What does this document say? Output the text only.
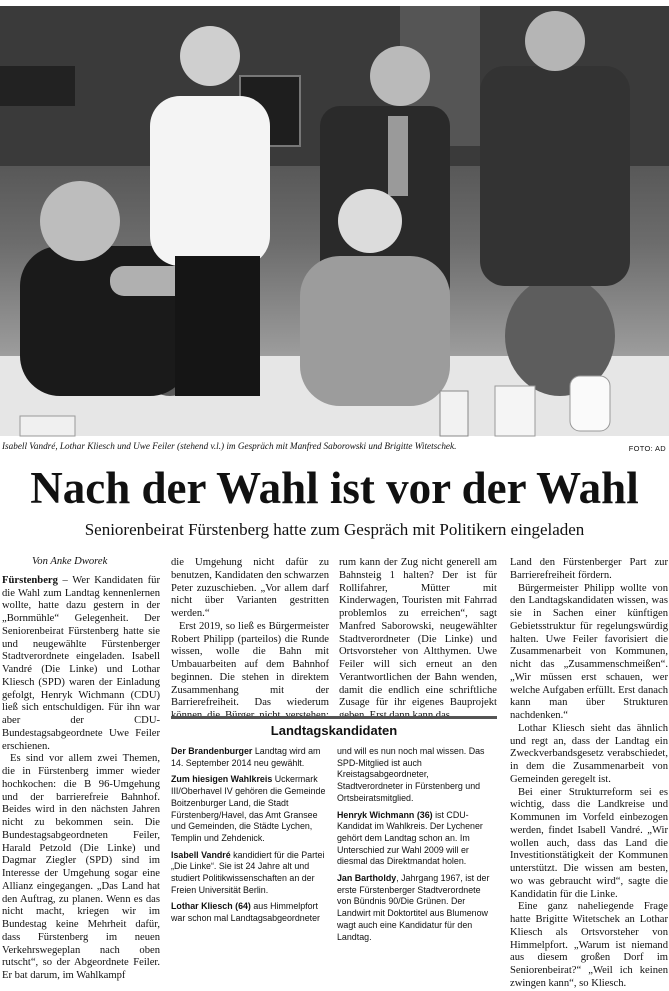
Isabell Vandré, Lothar Kliesch und Uwe Feiler (stehend v.l.) im Gespräch mit Manfred Saborowski und Brigitte Witetschek.	FOTO: AD
Nach der Wahl ist vor der Wahl
Seniorenbeirat Fürstenberg hatte zum Gespräch mit Politikern eingeladen

Von Anke Dworek

Fürstenberg – Wer Kandidaten für die Wahl zum Landtag kennenlernen wollte, hatte dazu gestern in der „Bornmühle“ Gelegenheit. Der Seniorenbeirat Fürstenberg hatte sie und neugewählte Fürstenberger Stadtverordnete eingeladen. Isabell Vandré (Die Linke) und Lothar Kliesch (SPD) waren der Einladung gefolgt, Henryk Wichmann (CDU) ließ sich entschuldigen. Für ihn war aber der CDU-Bundestagsabgeordnete Uwe Feiler erschienen.

Es sind vor allem zwei Themen, die in Fürstenberg immer wieder hochkochen: die B 96-Umgehung und der barrierefreie Bahnhof. Beides wird in den nächsten Jahren nicht zu bekommen sein. Die Bundestagsabgeordneten Feiler, Harald Petzold (Die Linke) und Dagmar Ziegler (SPD) sind im Interesse der Umgehung sogar eine Allianz eingegangen. „Das Land hat den Auftrag, zu planen. Wenn es das nicht macht, kriegen wir im Bundestag keine Mehrheit dafür, dass Fürstenberg im neuen Verkehrswegeplan nach oben rutscht“, so der Abgeordnete Feiler. Er bat darum, im Wahlkampf

die Umgehung nicht dafür zu benutzen, Kandidaten den schwarzen Peter zuzuschieben. „Vor allem darf nicht über Varianten gestritten werden.“

Erst 2019, so ließ es Bürgermeister Robert Philipp (parteilos) die Runde wissen, wolle die Bahn mit Umbauarbeiten auf dem Bahnhof beginnen. Die stehen in direktem Zusammenhang mit der Barrierefreiheit. Das wiederum

rum kann der Zug nicht generell am Bahnsteig 1 halten? Der ist für Rollifahrer, Mütter mit Kinderwagen, Touristen mit Fahrrad problemlos zu erreichen“, sagt Manfred Saborowski, neugewählter Stadtverordneter (Die Linke) und Ortsvorsteher von Altthymen. Uwe Feiler will sich erneut an den Verantwortlichen der Bahn wenden, damit die endlich eine schriftliche Zusage für ihr eigenes Bauprojekt

Land den Fürstenberger Part zur Barrierefreiheit fördern.

Bürgermeister Philipp wollte von den Landtagskandidaten wissen, was sie in Sachen einer künftigen Gebietsstruktur für regelungswürdig halten. Uwe Feiler favorisiert die Zusammenarbeit von Kommunen, nicht das „Zusammenschmeißen“. „Wir müssen erst schauen, wer welche Aufgaben erfüllt. Erst danach kann man über Strukturen nachdenken.“

Lothar Kliesch sieht das ähnlich und regt an, dass der Landtag ein Zweckverbandsgesetz verabschiedet, in dem die Zusammenarbeit von Gemeinden geregelt ist.

Bei einer Strukturreform sei es wichtig, dass die Landkreise und Kommunen im Vorfeld einbezogen werden, findet Isabell Vandré. „Wir wollen auch, dass das Land die Investitionstätigkeit der Kommunen unterstützt. Die wissen am besten, wo was gebraucht wird“, sagte die Kandidatin für die Linke.

Eine ganz naheliegende Frage hatte Brigitte Witetschek an Lothar Kliesch als Ortsvorsteher von Himmelpfort. „Warum ist niemand aus diesem großen Dorf im Seniorenbeirat?“ „Weil ich keinen zwingen kann“, so Kliesch.

Landtagskandidaten

Der Brandenburger Landtag wird am 14. September 2014 neu gewählt.

Zum hiesigen Wahlkreis Uckermark III/Oberhavel IV gehören die Gemeinde Boitzenburger Land, die Stadt Fürstenberg/Havel, das Amt Gransee und Gemeinden, die Städte Lychen, Templin und Zehdenick.

Isabell Vandré kandidiert für die Partei „Die Linke“. Sie ist 24 Jahre alt und studiert Politikwissenschaften an der Freien Universität Berlin.

Lothar Kliesch (64) aus Himmelpfort war schon mal Landtagsabgeordneter

und will es nun noch mal wissen. Das SPD-Mitglied ist auch Kreistagsabgeordneter, Stadtverordneter in Fürstenberg und Ortsbeiratsmitglied.

Henryk Wichmann (36) ist CDU-Kandidat im Wahlkreis. Der Lychener gehört dem Landtag schon an. Im Unterschied zur Wahl 2009 will er diesmal das Direktmandat holen.

Jan Bartholdy, Jahrgang 1967, ist der erste Fürstenberger Stadtverordnete von Bündnis 90/Die Grünen. Der Landwirt mit Doktortitel aus Blumenow wagt auch eine Kandidatur für den Landtag.
